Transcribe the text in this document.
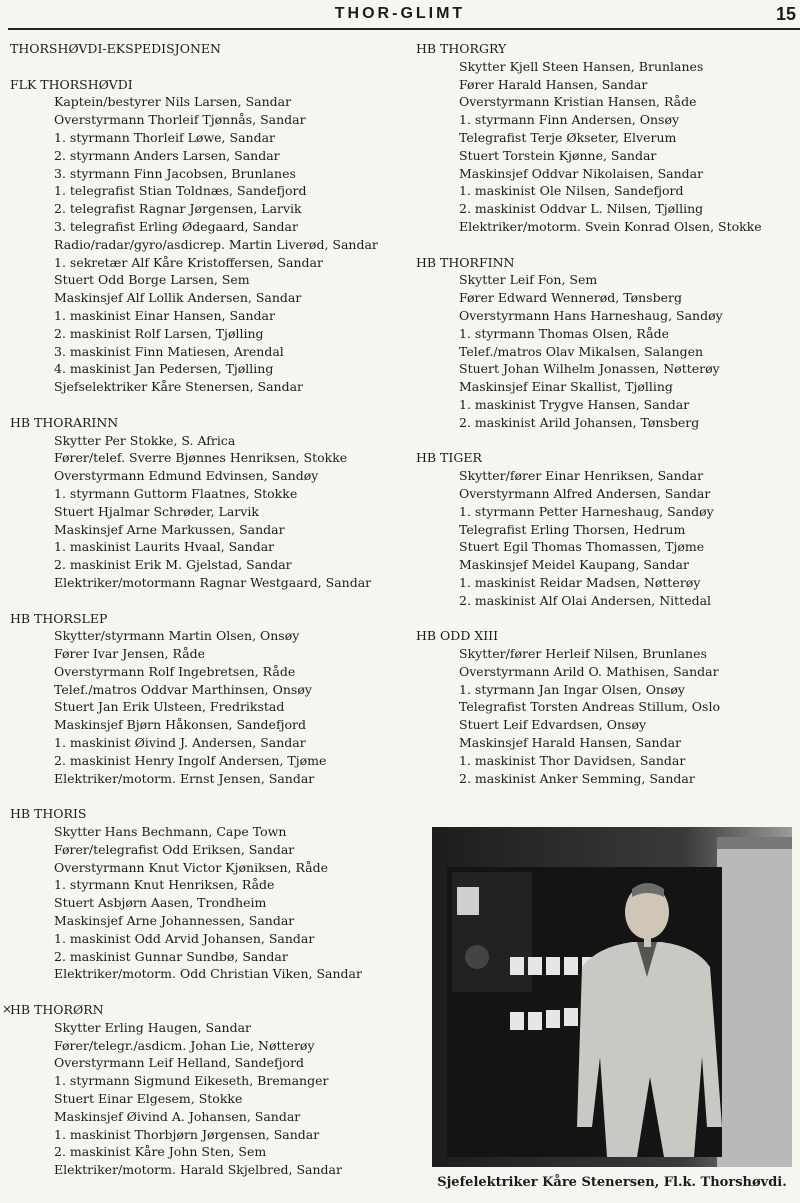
THOR-GLIMT	15
THORSHØVDI-EKSPEDISJONEN
FLK THORSHØVDI
Kaptein/bestyrer Nils Larsen, Sandar
Overstyrmann Thorleif Tjønnås, Sandar
1. styrmann Thorleif Løwe, Sandar
2. styrmann Anders Larsen, Sandar
3. styrmann Finn Jacobsen, Brunlanes
1. telegrafist Stian Toldnæs, Sandefjord
2. telegrafist Ragnar Jørgensen, Larvik
3. telegrafist Erling Ødegaard, Sandar
Radio/radar/gyro/asdicrep. Martin Liverød, Sandar
1. sekretær Alf Kåre Kristoffersen, Sandar
Stuert Odd Borge Larsen, Sem
Maskinsjef Alf Lollik Andersen, Sandar
1. maskinist Einar Hansen, Sandar
2. maskinist Rolf Larsen, Tjølling
3. maskinist Finn Matiesen, Arendal
4. maskinist Jan Pedersen, Tjølling
Sjefselektriker Kåre Stenersen, Sandar
HB THORARINN
Skytter Per Stokke, S. Africa
Fører/telef. Sverre Bjønnes Henriksen, Stokke
Overstyrmann Edmund Edvinsen, Sandøy
1. styrmann Guttorm Flaatnes, Stokke
Stuert Hjalmar Schrøder, Larvik
Maskinsjef Arne Markussen, Sandar
1. maskinist Laurits Hvaal, Sandar
2. maskinist Erik M. Gjelstad, Sandar
Elektriker/motormann Ragnar Westgaard, Sandar
HB THORSLEP
Skytter/styrmann Martin Olsen, Onsøy
Fører Ivar Jensen, Råde
Overstyrmann Rolf Ingebretsen, Råde
Telef./matros Oddvar Marthinsen, Onsøy
Stuert Jan Erik Ulsteen, Fredrikstad
Maskinsjef Bjørn Håkonsen, Sandefjord
1. maskinist Øivind J. Andersen, Sandar
2. maskinist Henry Ingolf Andersen, Tjøme
Elektriker/motorm. Ernst Jensen, Sandar
HB THORIS
Skytter Hans Bechmann, Cape Town
Fører/telegrafist Odd Eriksen, Sandar
Overstyrmann Knut Victor Kjøniksen, Råde
1. styrmann Knut Henriksen, Råde
Stuert Asbjørn Aasen, Trondheim
Maskinsjef Arne Johannessen, Sandar
1. maskinist Odd Arvid Johansen, Sandar
2. maskinist Gunnar Sundbø, Sandar
Elektriker/motorm. Odd Christian Viken, Sandar
×
HB THORØRN
Skytter Erling Haugen, Sandar
Fører/telegr./asdicm. Johan Lie, Nøtterøy
Overstyrmann Leif Helland, Sandefjord
1. styrmann Sigmund Eikeseth, Bremanger
Stuert Einar Elgesem, Stokke
Maskinsjef Øivind A. Johansen, Sandar
1. maskinist Thorbjørn Jørgensen, Sandar
2. maskinist Kåre John Sten, Sem
Elektriker/motorm. Harald Skjelbred, Sandar
HB THORGRY
Skytter Kjell Steen Hansen, Brunlanes
Fører Harald Hansen, Sandar
Overstyrmann Kristian Hansen, Råde
1. styrmann Finn Andersen, Onsøy
Telegrafist Terje Økseter, Elverum
Stuert Torstein Kjønne, Sandar
Maskinsjef Oddvar Nikolaisen, Sandar
1. maskinist Ole Nilsen, Sandefjord
2. maskinist Oddvar L. Nilsen, Tjølling
Elektriker/motorm. Svein Konrad Olsen, Stokke
HB THORFINN
Skytter Leif Fon, Sem
Fører Edward Wennerød, Tønsberg
Overstyrmann Hans Harneshaug, Sandøy
1. styrmann Thomas Olsen, Råde
Telef./matros Olav Mikalsen, Salangen
Stuert Johan Wilhelm Jonassen, Nøtterøy
Maskinsjef Einar Skallist, Tjølling
1. maskinist Trygve Hansen, Sandar
2. maskinist Arild Johansen, Tønsberg
HB TIGER
Skytter/fører Einar Henriksen, Sandar
Overstyrmann Alfred Andersen, Sandar
1. styrmann Petter Harneshaug, Sandøy
Telegrafist Erling Thorsen, Hedrum
Stuert Egil Thomas Thomassen, Tjøme
Maskinsjef Meidel Kaupang, Sandar
1. maskinist Reidar Madsen, Nøtterøy
2. maskinist Alf Olai Andersen, Nittedal
HB ODD XIII
Skytter/fører Herleif Nilsen, Brunlanes
Overstyrmann Arild O. Mathisen, Sandar
1. styrmann Jan Ingar Olsen, Onsøy
Telegrafist Torsten Andreas Stillum, Oslo
Stuert Leif Edvardsen, Onsøy
Maskinsjef Harald Hansen, Sandar
1. maskinist Thor Davidsen, Sandar
2. maskinist Anker Semming, Sandar
Sjefelektriker Kåre Stenersen, Fl.k. Thorshøvdi.
